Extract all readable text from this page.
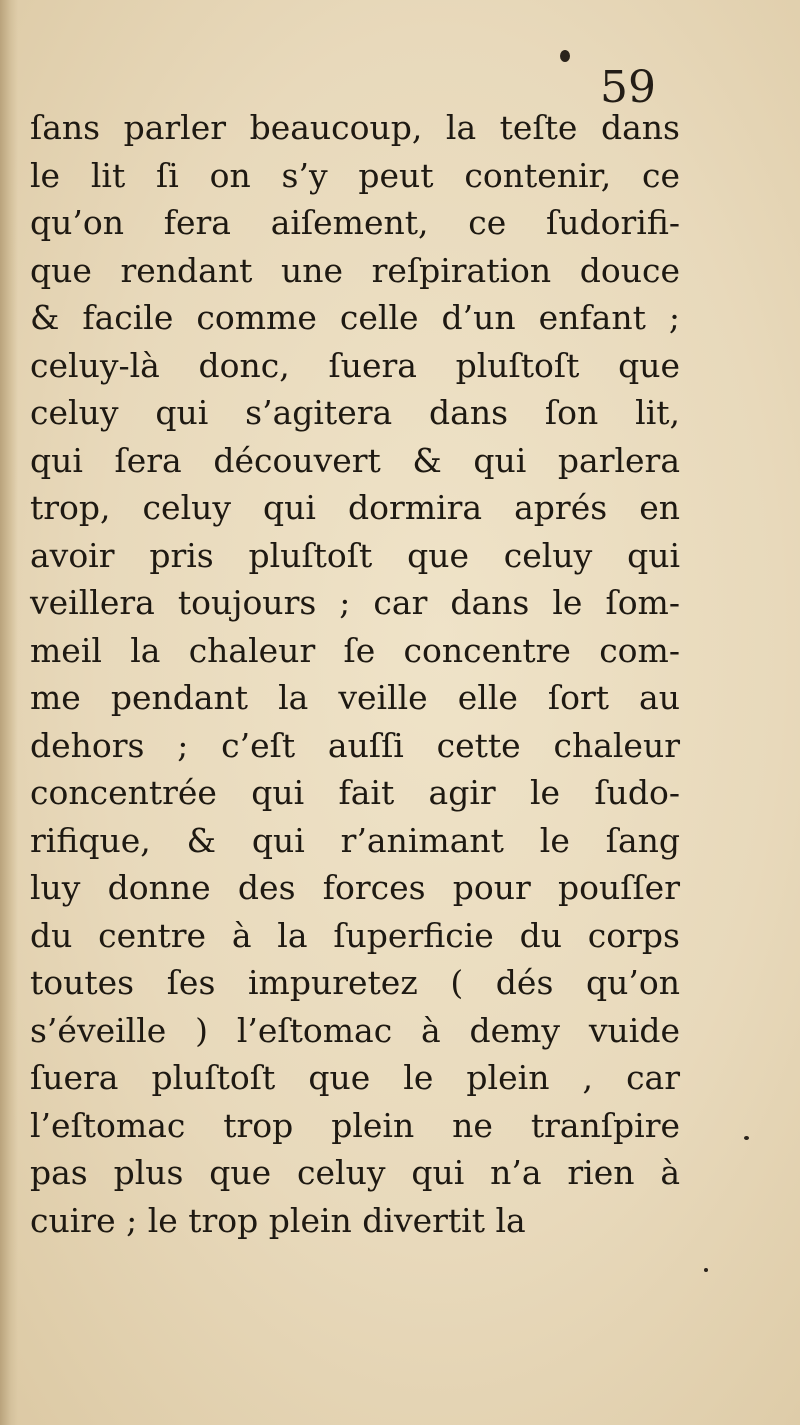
59
ſans parler beaucoup, la teſte dans
le lit ſi on s’y peut contenir, ce
qu’on fera aiſement, ce ſudorifi-
que rendant une reſpiration douce
& facile comme celle d’un enfant ;
celuy-là donc, ſuera pluſtoſt que
celuy qui s’agitera dans ſon lit,
qui ſera découvert & qui parlera
trop, celuy qui dormira aprés en
avoir pris pluſtoſt que celuy qui
veillera toujours ; car dans le ſom-
meil la chaleur ſe concentre com-
me pendant la veille elle ſort au
dehors ; c’eſt auſſi cette chaleur
concentrée qui fait agir le ſudo-
rifique, & qui r’animant le ſang
luy donne des forces pour pouſſer
du centre à la ſuperficie du corps
toutes ſes impuretez ( dés qu’on
s’éveille ) l’eſtomac à demy vuide
ſuera pluſtoſt que le plein , car
l’eſtomac trop plein ne tranſpire
pas plus que celuy qui n’a rien à
cuire ; le trop plein divertit la
